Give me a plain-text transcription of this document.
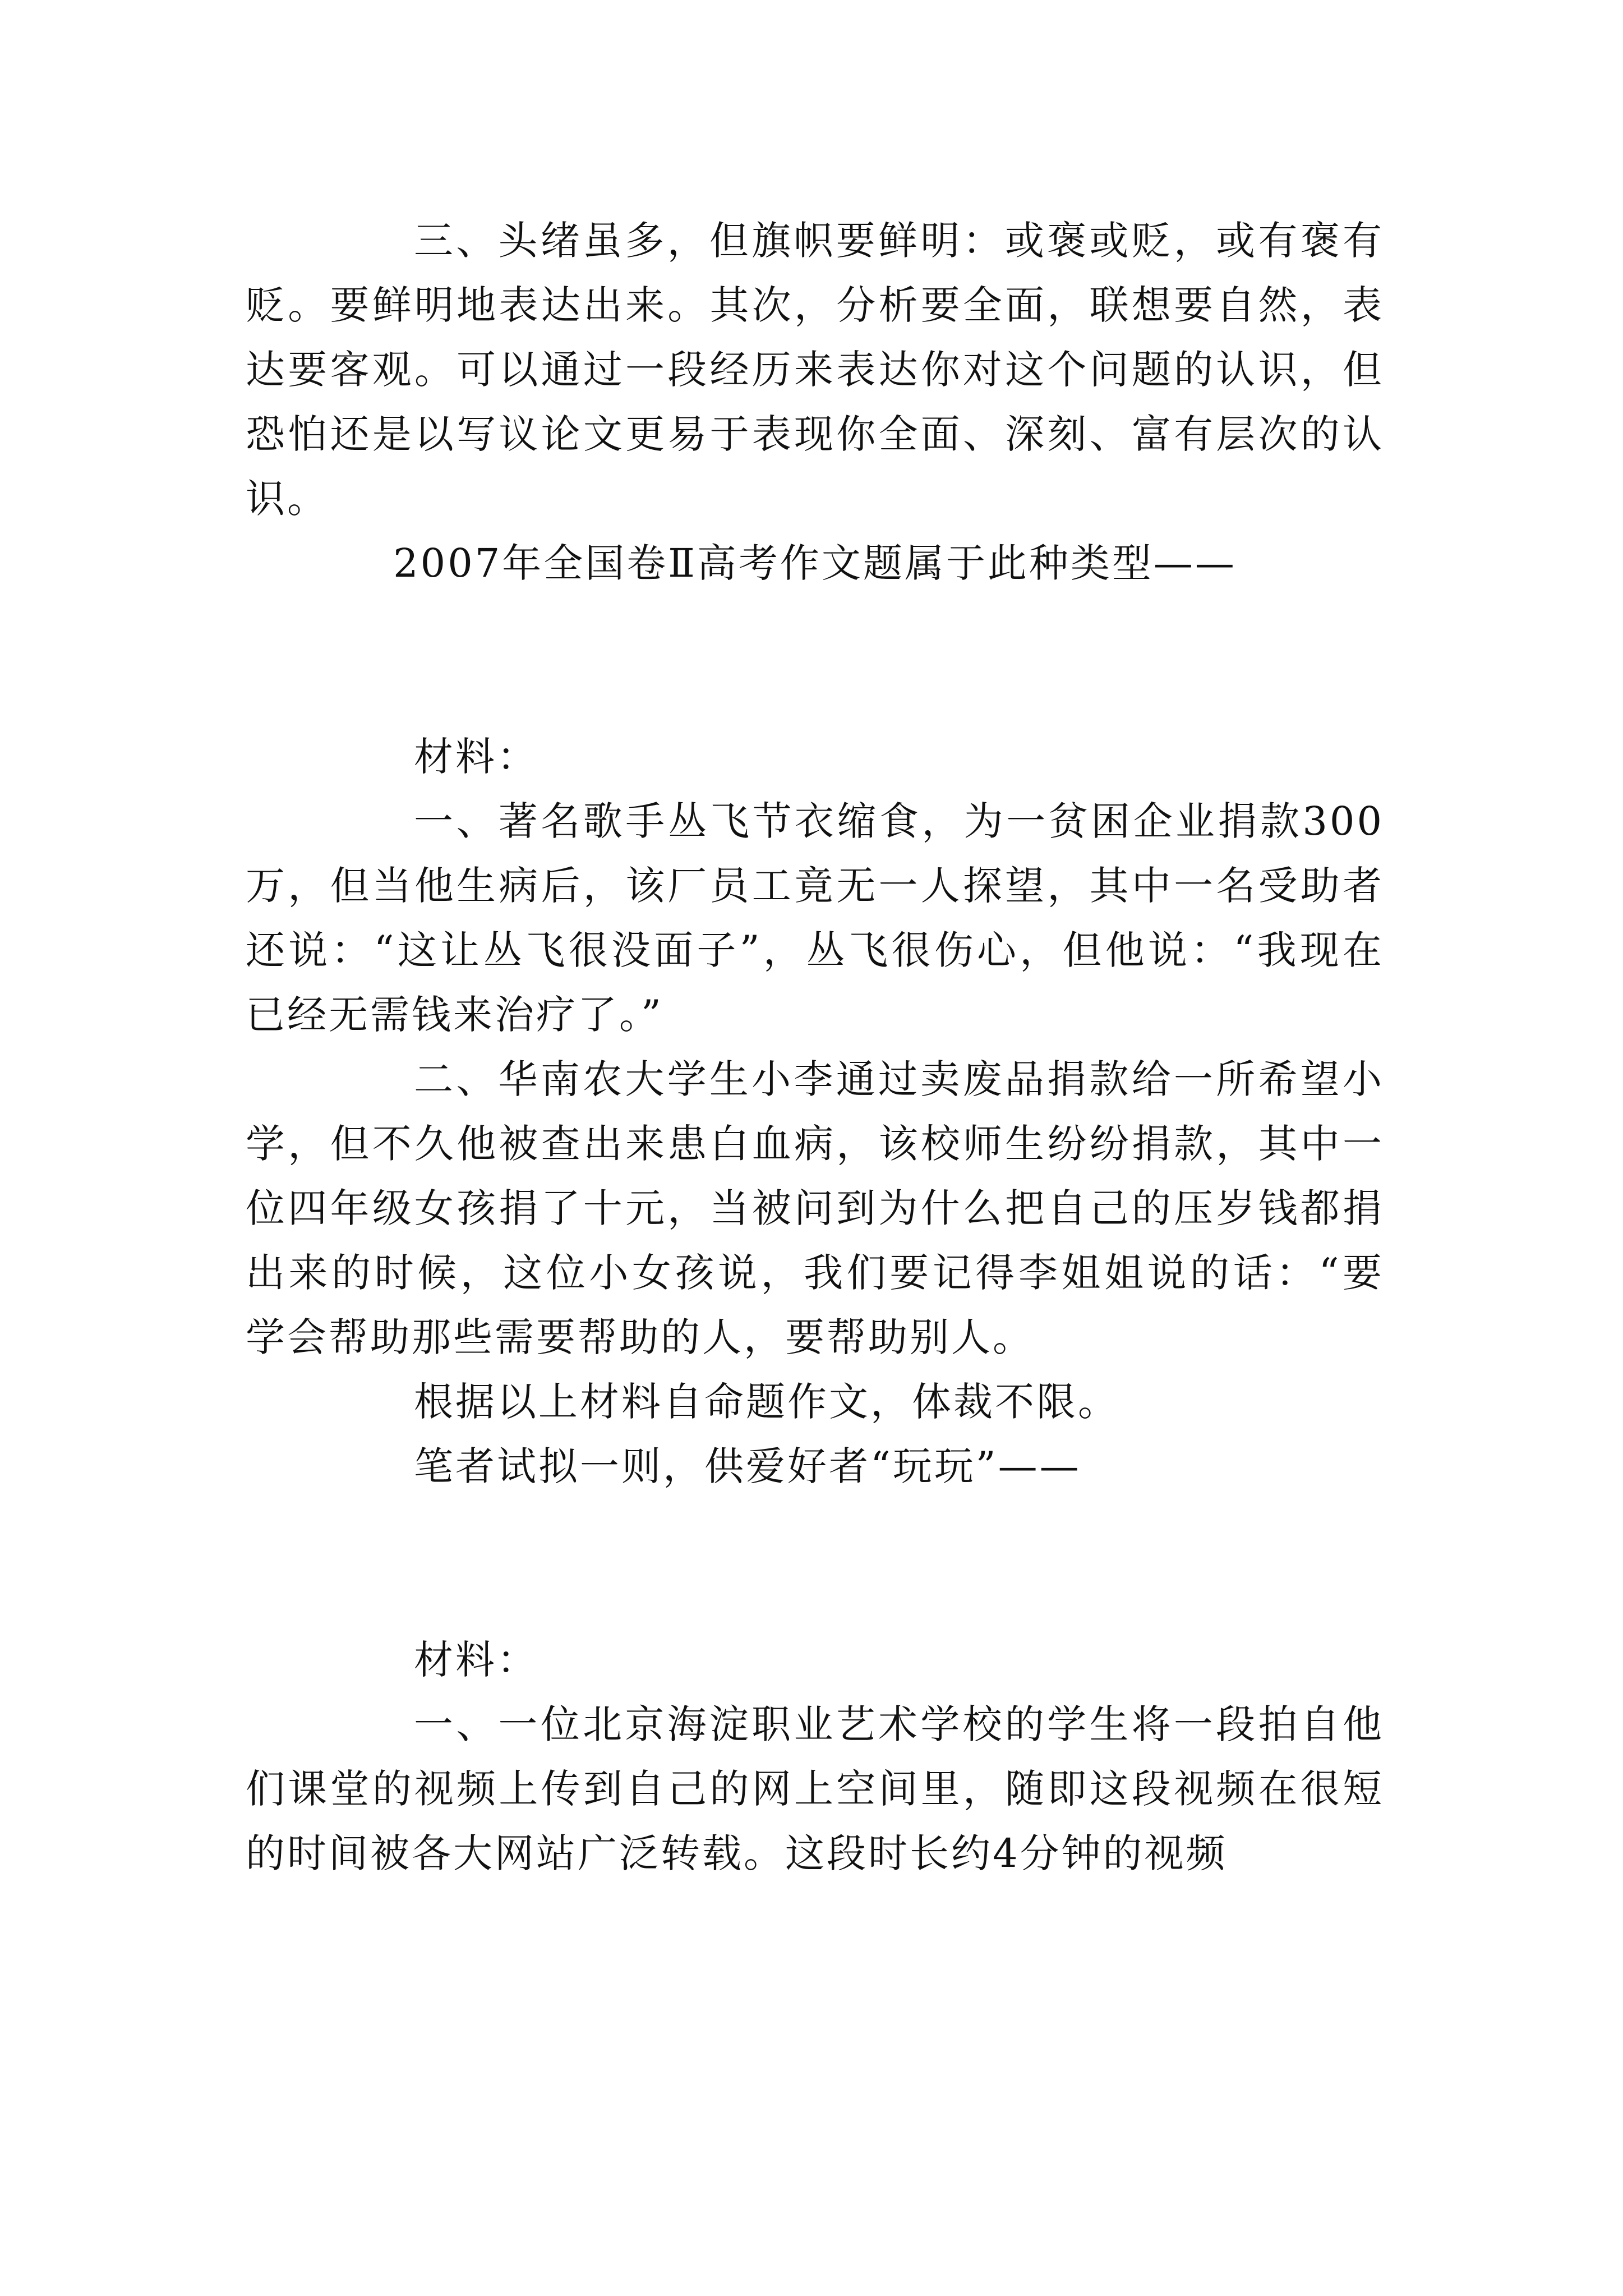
三、头绪虽多，但旗帜要鲜明：或褒或贬，或有褒有贬。要鲜明地表达出来。其次，分析要全面，联想要自然，表达要客观。可以通过一段经历来表达你对这个问题的认识，但恐怕还是以写议论文更易于表现你全面、深刻、富有层次的认识。

2007年全国卷Ⅱ高考作文题属于此种类型——

材料：

一、著名歌手丛飞节衣缩食，为一贫困企业捐款300万，但当他生病后，该厂员工竟无一人探望，其中一名受助者还说：“这让丛飞很没面子”，丛飞很伤心，但他说：“我现在已经无需钱来治疗了。”

二、华南农大学生小李通过卖废品捐款给一所希望小学，但不久他被查出来患白血病，该校师生纷纷捐款，其中一位四年级女孩捐了十元，当被问到为什么把自己的压岁钱都捐出来的时候，这位小女孩说，我们要记得李姐姐说的话：“要学会帮助那些需要帮助的人，要帮助别人。

根据以上材料自命题作文，体裁不限。

笔者试拟一则，供爱好者“玩玩”——

材料：

一、一位北京海淀职业艺术学校的学生将一段拍自他们课堂的视频上传到自己的网上空间里，随即这段视频在很短的时间被各大网站广泛转载。这段时长约4分钟的视频
